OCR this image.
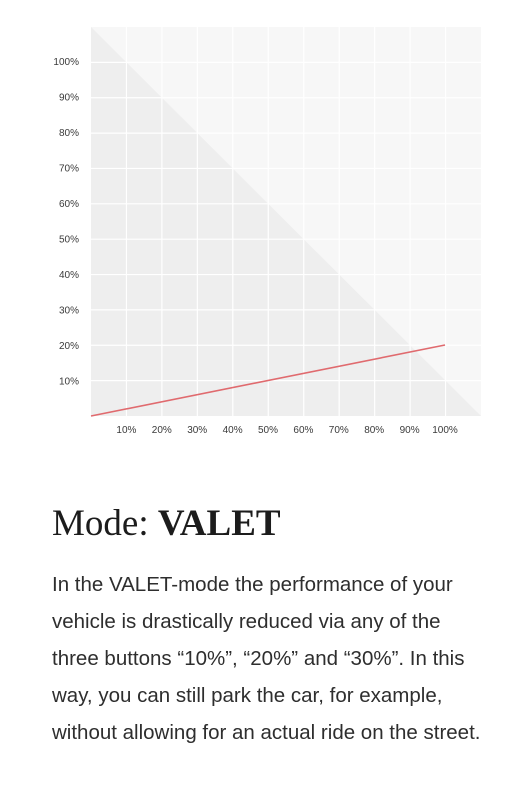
10% 20% 30% 40% 50% 60% 70% 80% 90% 100%
10%
20%
30%
40%
50%
60%
70%
80%
90%
100%
Mode: VALET

In the VALET-mode the performance of your vehicle is drastically reduced via any of the three buttons “10%”, “20%” and “30%”. In this way, you can still park the car, for example, without allowing for an actual ride on the street.
